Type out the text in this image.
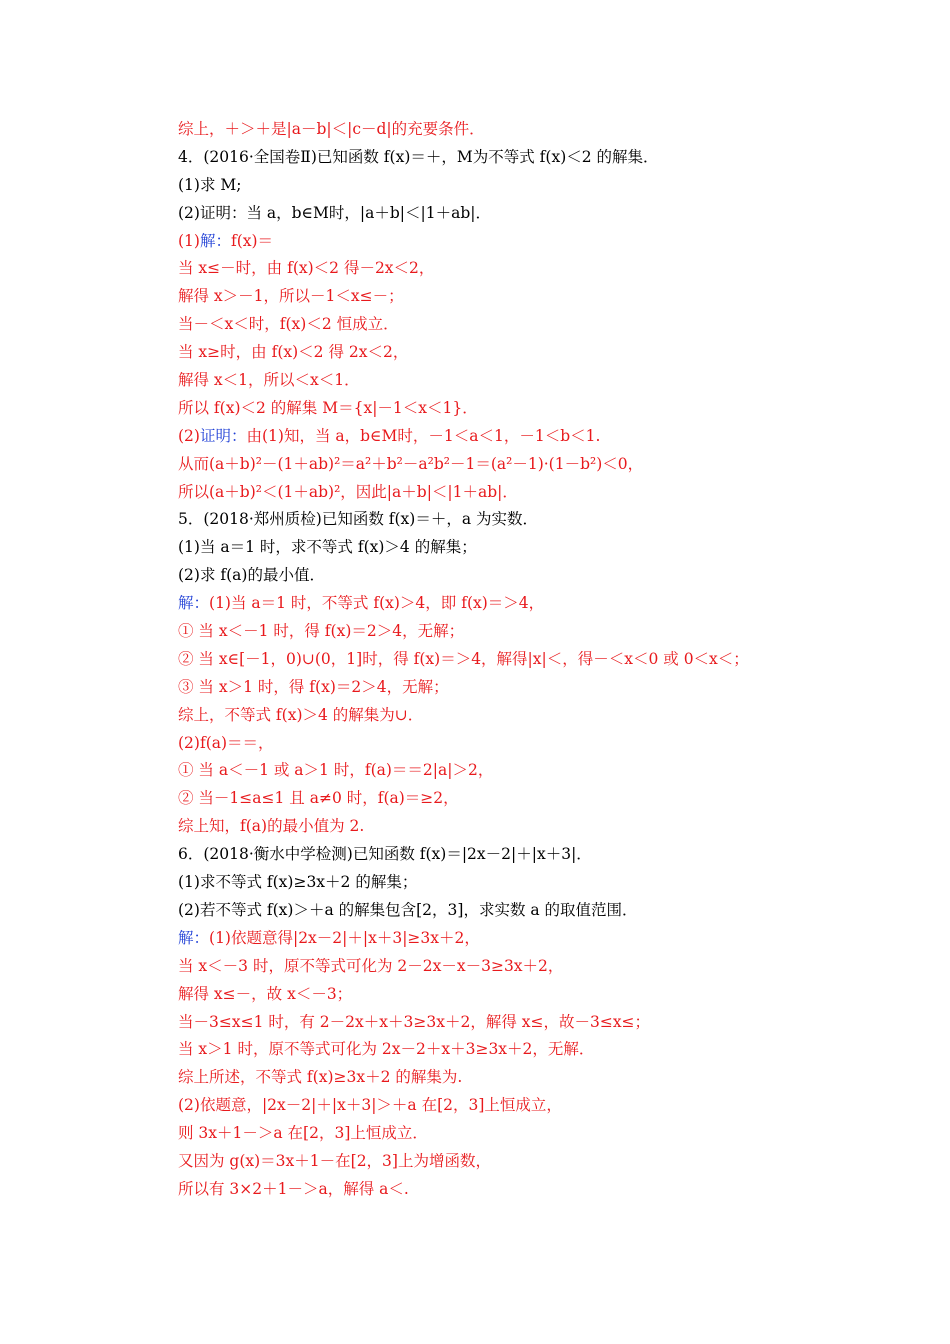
综上，＋＞＋是|a－b|＜|c－d|的充要条件．
4．(2016·全国卷Ⅱ)已知函数 f(x)＝＋，M为不等式 f(x)＜2 的解集．
(1)求 M;
(2)证明：当 a，b∈M时，|a＋b|＜|1＋ab|．
(1)解：f(x)＝
当 x≤－时，由 f(x)＜2 得－2x＜2，
解得 x＞－1，所以－1＜x≤－；
当－＜x＜时，f(x)＜2 恒成立．
当 x≥时，由 f(x)＜2 得 2x＜2，
解得 x＜1，所以＜x＜1．
所以 f(x)＜2 的解集 M＝{x|－1＜x＜1}．
(2)证明：由(1)知，当 a，b∈M时，－1＜a＜1，－1＜b＜1.
从而(a＋b)²－(1＋ab)²＝a²＋b²－a²b²－1＝(a²－1)·(1－b²)＜0，
所以(a＋b)²＜(1＋ab)²，因此|a＋b|＜|1＋ab|．
5．(2018·郑州质检)已知函数 f(x)＝＋，a 为实数．
(1)当 a＝1 时，求不等式 f(x)＞4 的解集；
(2)求 f(a)的最小值．
解：(1)当 a＝1 时，不等式 f(x)＞4，即 f(x)＝＞4，
① 当 x＜－1 时，得 f(x)＝2＞4，无解；
② 当 x∈[－1，0)∪(0，1]时，得 f(x)＝＞4，解得|x|＜，得－＜x＜0 或 0＜x＜；
③ 当 x＞1 时，得 f(x)＝2＞4，无解；
综上，不等式 f(x)＞4 的解集为∪．
(2)f(a)＝＝，
① 当 a＜－1 或 a＞1 时，f(a)＝＝2|a|＞2，
② 当－1≤a≤1 且 a≠0 时，f(a)＝≥2，
综上知，f(a)的最小值为 2.
6．(2018·衡水中学检测)已知函数 f(x)＝|2x－2|＋|x＋3|．
(1)求不等式 f(x)≥3x＋2 的解集；
(2)若不等式 f(x)＞＋a 的解集包含[2，3]，求实数 a 的取值范围．
解：(1)依题意得|2x－2|＋|x＋3|≥3x＋2，
当 x＜－3 时，原不等式可化为 2－2x－x－3≥3x＋2，
解得 x≤－，故 x＜－3；
当－3≤x≤1 时，有 2－2x＋x＋3≥3x＋2，解得 x≤，故－3≤x≤；
当 x＞1 时，原不等式可化为 2x－2＋x＋3≥3x＋2，无解．
综上所述，不等式 f(x)≥3x＋2 的解集为.
(2)依题意，|2x－2|＋|x＋3|＞＋a 在[2，3]上恒成立，
则 3x＋1－＞a 在[2，3]上恒成立．
又因为 g(x)＝3x＋1－在[2，3]上为增函数，
所以有 3×2＋1－＞a，解得 a＜.
